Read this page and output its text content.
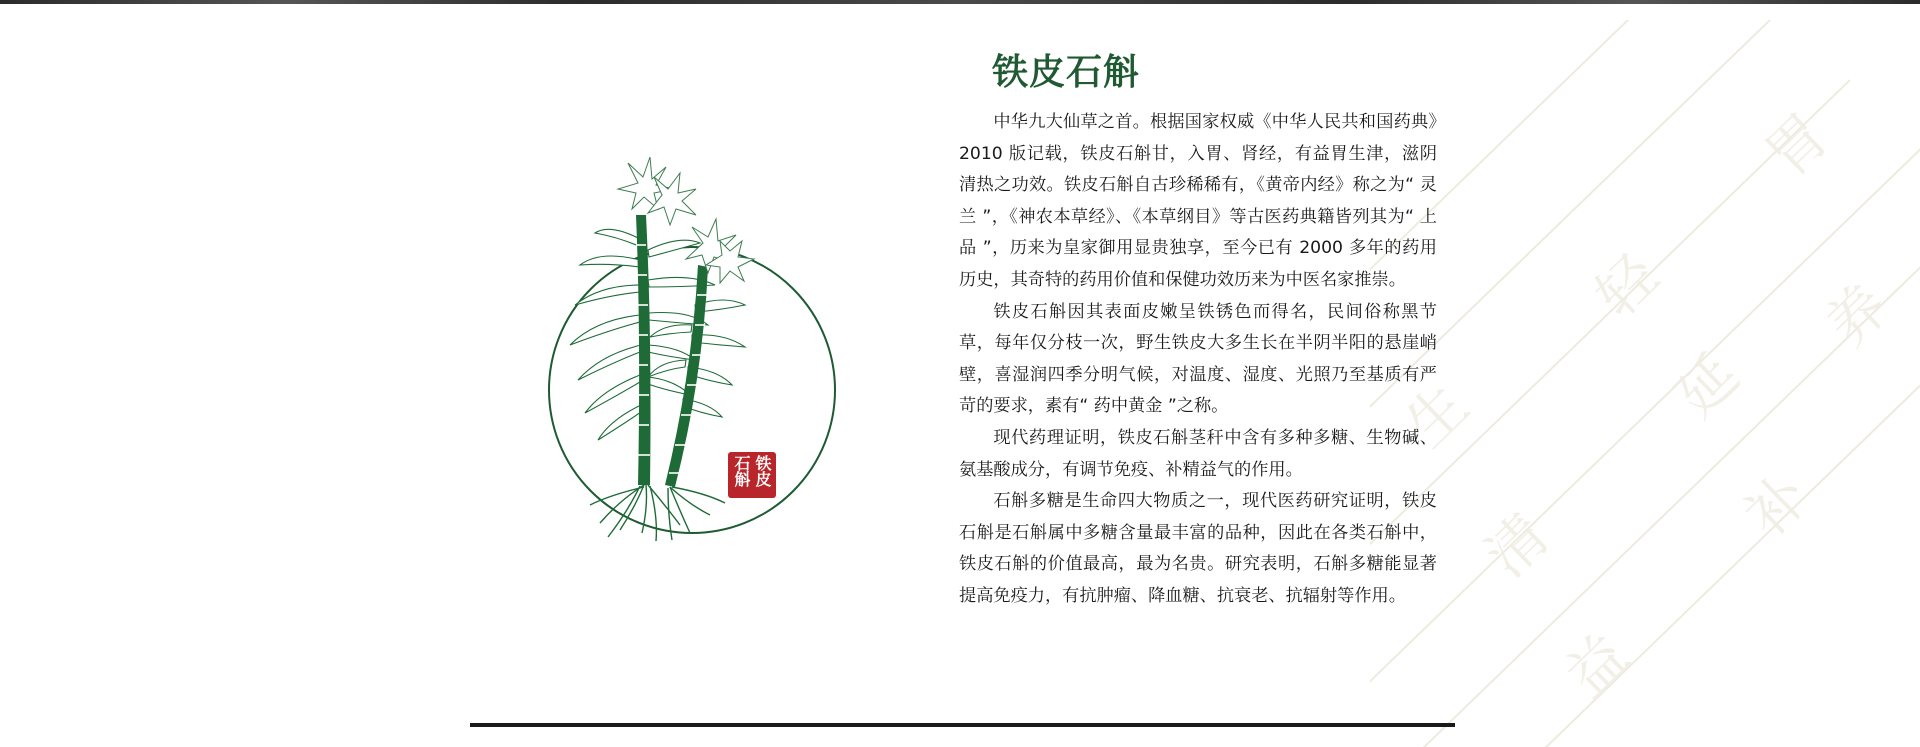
胃
生
轻
延
补
清
养
益
铁皮 石斛
铁皮石斛

中华九大仙草之首。根据国家权威《中华人民共和国药典》2010 版记载，铁皮石斛甘，入胃、肾经，有益胃生津，滋阴清热之功效。铁皮石斛自古珍稀稀有，《黄帝内经》称之为“ 灵兰 ”，《神农本草经》、《本草纲目》等古医药典籍皆列其为“ 上品 ”，历来为皇家御用显贵独享，至今已有 2000 多年的药用历史，其奇特的药用价值和保健功效历来为中医名家推崇。

铁皮石斛因其表面皮嫩呈铁锈色而得名，民间俗称黑节草，每年仅分枝一次，野生铁皮大多生长在半阴半阳的悬崖峭壁，喜湿润四季分明气候，对温度、湿度、光照乃至基质有严苛的要求，素有“ 药中黄金 ”之称。

现代药理证明，铁皮石斛茎秆中含有多种多糖、生物碱、氨基酸成分，有调节免疫、补精益气的作用。

石斛多糖是生命四大物质之一，现代医药研究证明，铁皮石斛是石斛属中多糖含量最丰富的品种，因此在各类石斛中，铁皮石斛的价值最高，最为名贵。研究表明，石斛多糖能显著提高免疫力，有抗肿瘤、降血糖、抗衰老、抗辐射等作用。
